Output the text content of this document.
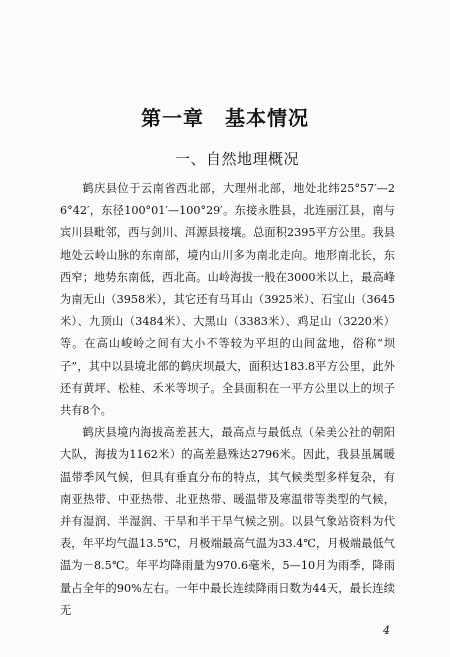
第一章　基本情况
一、自然地理概况

鹤庆县位于云南省西北部，大理州北部，地处北纬25°57′—26°42′，东径100°01′—100°29′。东接永胜县，北连丽江县，南与宾川县毗邻，西与剑川、洱源县接壤。总面积2395平方公里。我县地处云岭山脉的东南部，境内山川多为南北走向。地形南北长，东西窄；地势东南低，西北高。山岭海拔一般在3000米以上，最高峰为南无山（3958米），其它还有马耳山（3925米）、石宝山（3645米）、九顶山（3484米）、大黑山（3383米）、鸡足山（3220米）等。在高山峻岭之间有大小不等较为平坦的山间盆地，俗称“坝子”，其中以县境北部的鹤庆坝最大，面积达183.8平方公里，此外还有黄坪、松桂、禾米等坝子。全县面积在一平方公里以上的坝子共有8个。

鹤庆县境内海拔高差甚大，最高点与最低点（朵美公社的朝阳大队，海拔为1162米）的高差悬殊达2796米。因此，我县虽属暖温带季风气候，但具有垂直分布的特点，其气候类型多样复杂，有南亚热带、中亚热带、北亚热带、暖温带及寒温带等类型的气候，并有湿润、半湿润、干旱和半干旱气候之别。以县气象站资料为代表，年平均气温13.5℃，月极端最高气温为33.4℃，月极端最低气温为－8.5℃。年平均降雨量为970.6毫米，5—10月为雨季，降雨量占全年的90%左右。一年中最长连续降雨日数为44天，最长连续无

4
